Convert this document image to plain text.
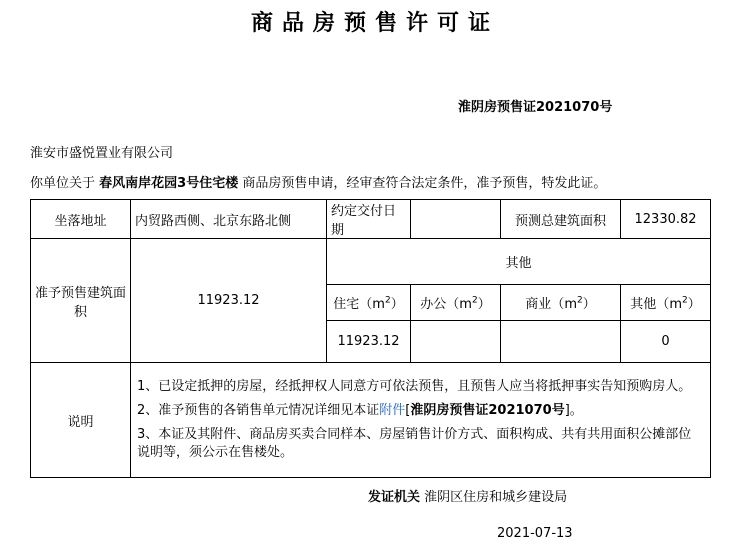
商品房预售许可证
淮阴房预售证2021070号
淮安市盛悦置业有限公司
你单位关于 春风南岸花园3号住宅楼 商品房预售申请，经审查符合法定条件，准予预售，特发此证。
坐落地址	内贸路西侧、北京东路北侧	约定交付日期		预测总建筑面积	12330.82
准予预售建筑面积	11923.12	其他			
		住宅$(m^2)$	办公$(m^2)$	商业$(m^2)$	其他$(m^2)$
		11923.12			0
说明	1、已设定抵押的房屋，经抵押权人同意方可依法预售，且预售人应当将抵押事实告知预购房人。

2、准予预售的各销售单元情况详细见本证附件[淮阴房预售证2021070号]。

3、本证及其附件、商品房买卖合同样本、房屋销售计价方式、面积构成、共有共用面积公摊部位说明等，须公示在售楼处。				

发证机关 淮阴区住房和城乡建设局
2021-07-13
